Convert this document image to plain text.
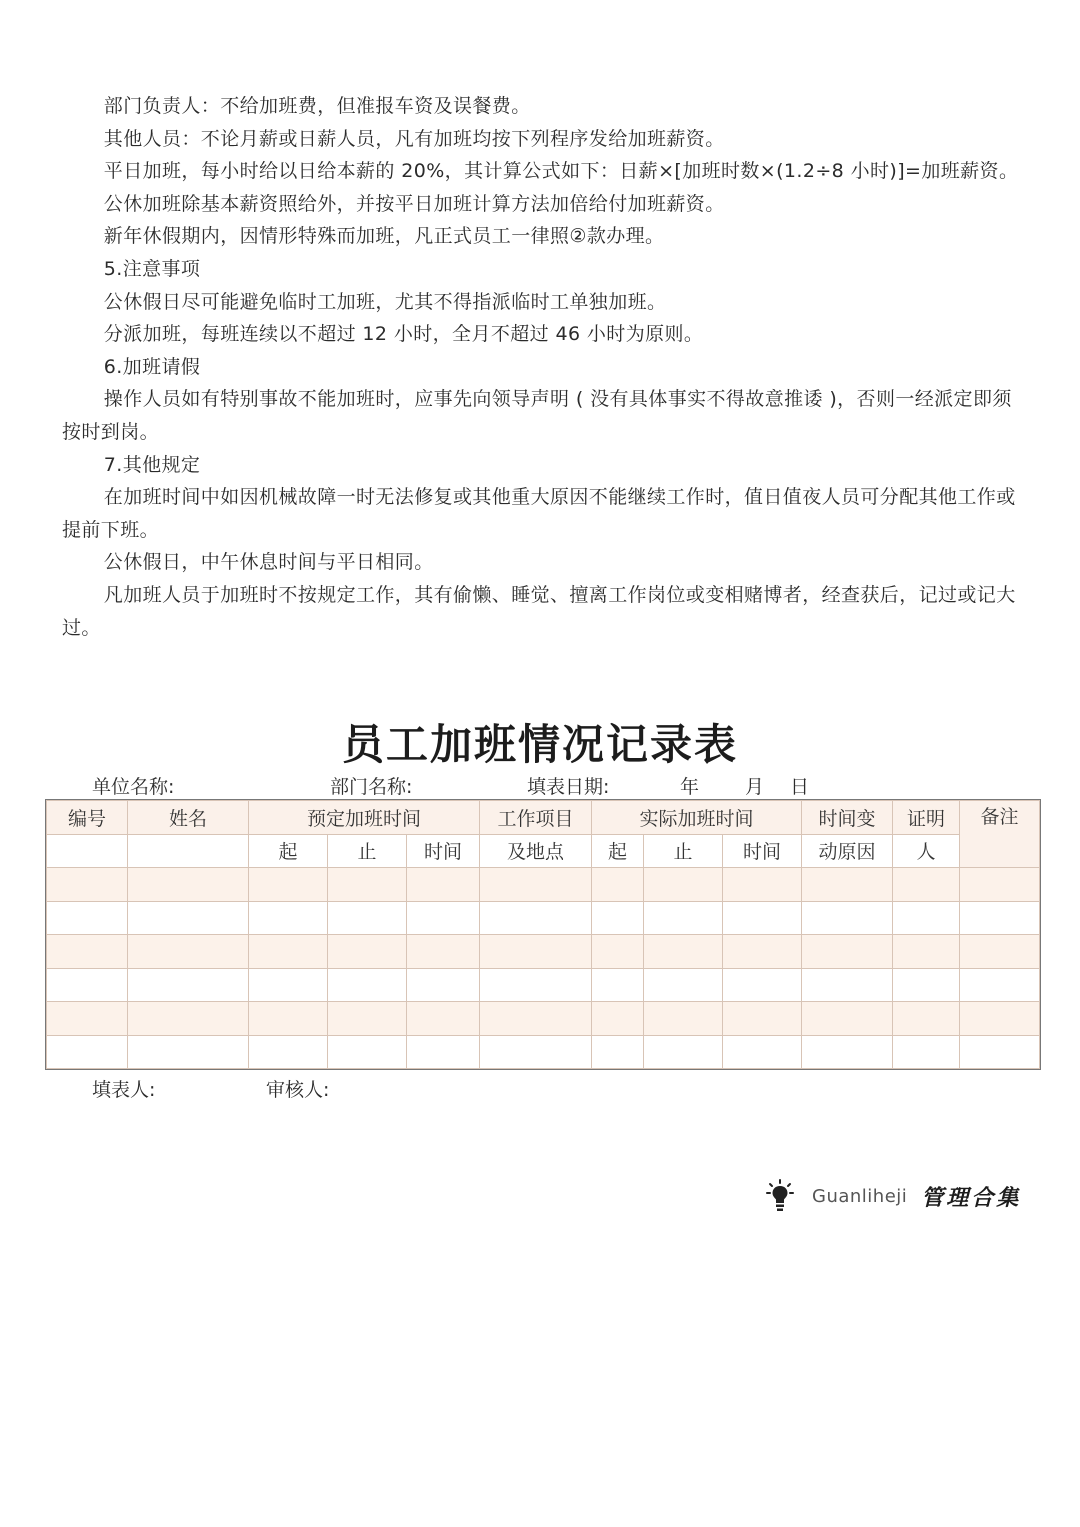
部门负责人：不给加班费，但准报车资及误餐费。

其他人员：不论月薪或日薪人员，凡有加班均按下列程序发给加班薪资。

平日加班，每小时给以日给本薪的 20%，其计算公式如下：日薪×[加班时数×(1.2÷8 小时)]=加班薪资。

公休加班除基本薪资照给外，并按平日加班计算方法加倍给付加班薪资。

新年休假期内，因情形特殊而加班，凡正式员工一律照②款办理。

5.注意事项

公休假日尽可能避免临时工加班，尤其不得指派临时工单独加班。

分派加班，每班连续以不超过 12 小时，全月不超过 46 小时为原则。

6.加班请假

操作人员如有特别事故不能加班时，应事先向领导声明 ( 没有具体事实不得故意推诿 )，否则一经派定即须按时到岗。

7.其他规定

在加班时间中如因机械故障一时无法修复或其他重大原因不能继续工作时，值日值夜人员可分配其他工作或提前下班。

公休假日，中午休息时间与平日相同。

凡加班人员于加班时不按规定工作，其有偷懒、睡觉、擅离工作岗位或变相赌博者，经查获后，记过或记大过。

员工加班情况记录表
单位名称:	部门名称:	填表日期:	年 月 日
编号	姓名	预定加班时间			工作项目	实际加班时间			时间变	证明	备注
		起	止	时间	及地点	起	止	时间	动原因	人	

填表人:	审核人:
Guanliheji 管理合集
